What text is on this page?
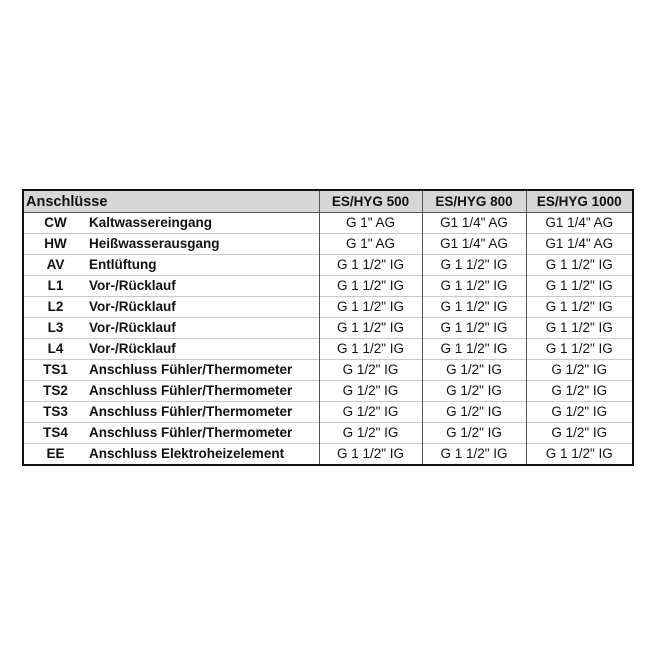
Anschlüsse		ES/HYG 500	ES/HYG 800	ES/HYG 1000
CW	Kaltwassereingang	G 1" AG	G1 1/4" AG	G1 1/4" AG
HW	Heißwasserausgang	G 1" AG	G1 1/4" AG	G1 1/4" AG
AV	Entlüftung	G 1 1/2" IG	G 1 1/2" IG	G 1 1/2" IG
L1	Vor-/Rücklauf	G 1 1/2" IG	G 1 1/2" IG	G 1 1/2" IG
L2	Vor-/Rücklauf	G 1 1/2" IG	G 1 1/2" IG	G 1 1/2" IG
L3	Vor-/Rücklauf	G 1 1/2" IG	G 1 1/2" IG	G 1 1/2" IG
L4	Vor-/Rücklauf	G 1 1/2" IG	G 1 1/2" IG	G 1 1/2" IG
TS1	Anschluss Fühler/Thermometer	G 1/2" IG	G 1/2" IG	G 1/2" IG
TS2	Anschluss Fühler/Thermometer	G 1/2" IG	G 1/2" IG	G 1/2" IG
TS3	Anschluss Fühler/Thermometer	G 1/2" IG	G 1/2" IG	G 1/2" IG
TS4	Anschluss Fühler/Thermometer	G 1/2" IG	G 1/2" IG	G 1/2" IG
EE	Anschluss Elektroheizelement	G 1 1/2" IG	G 1 1/2" IG	G 1 1/2" IG
